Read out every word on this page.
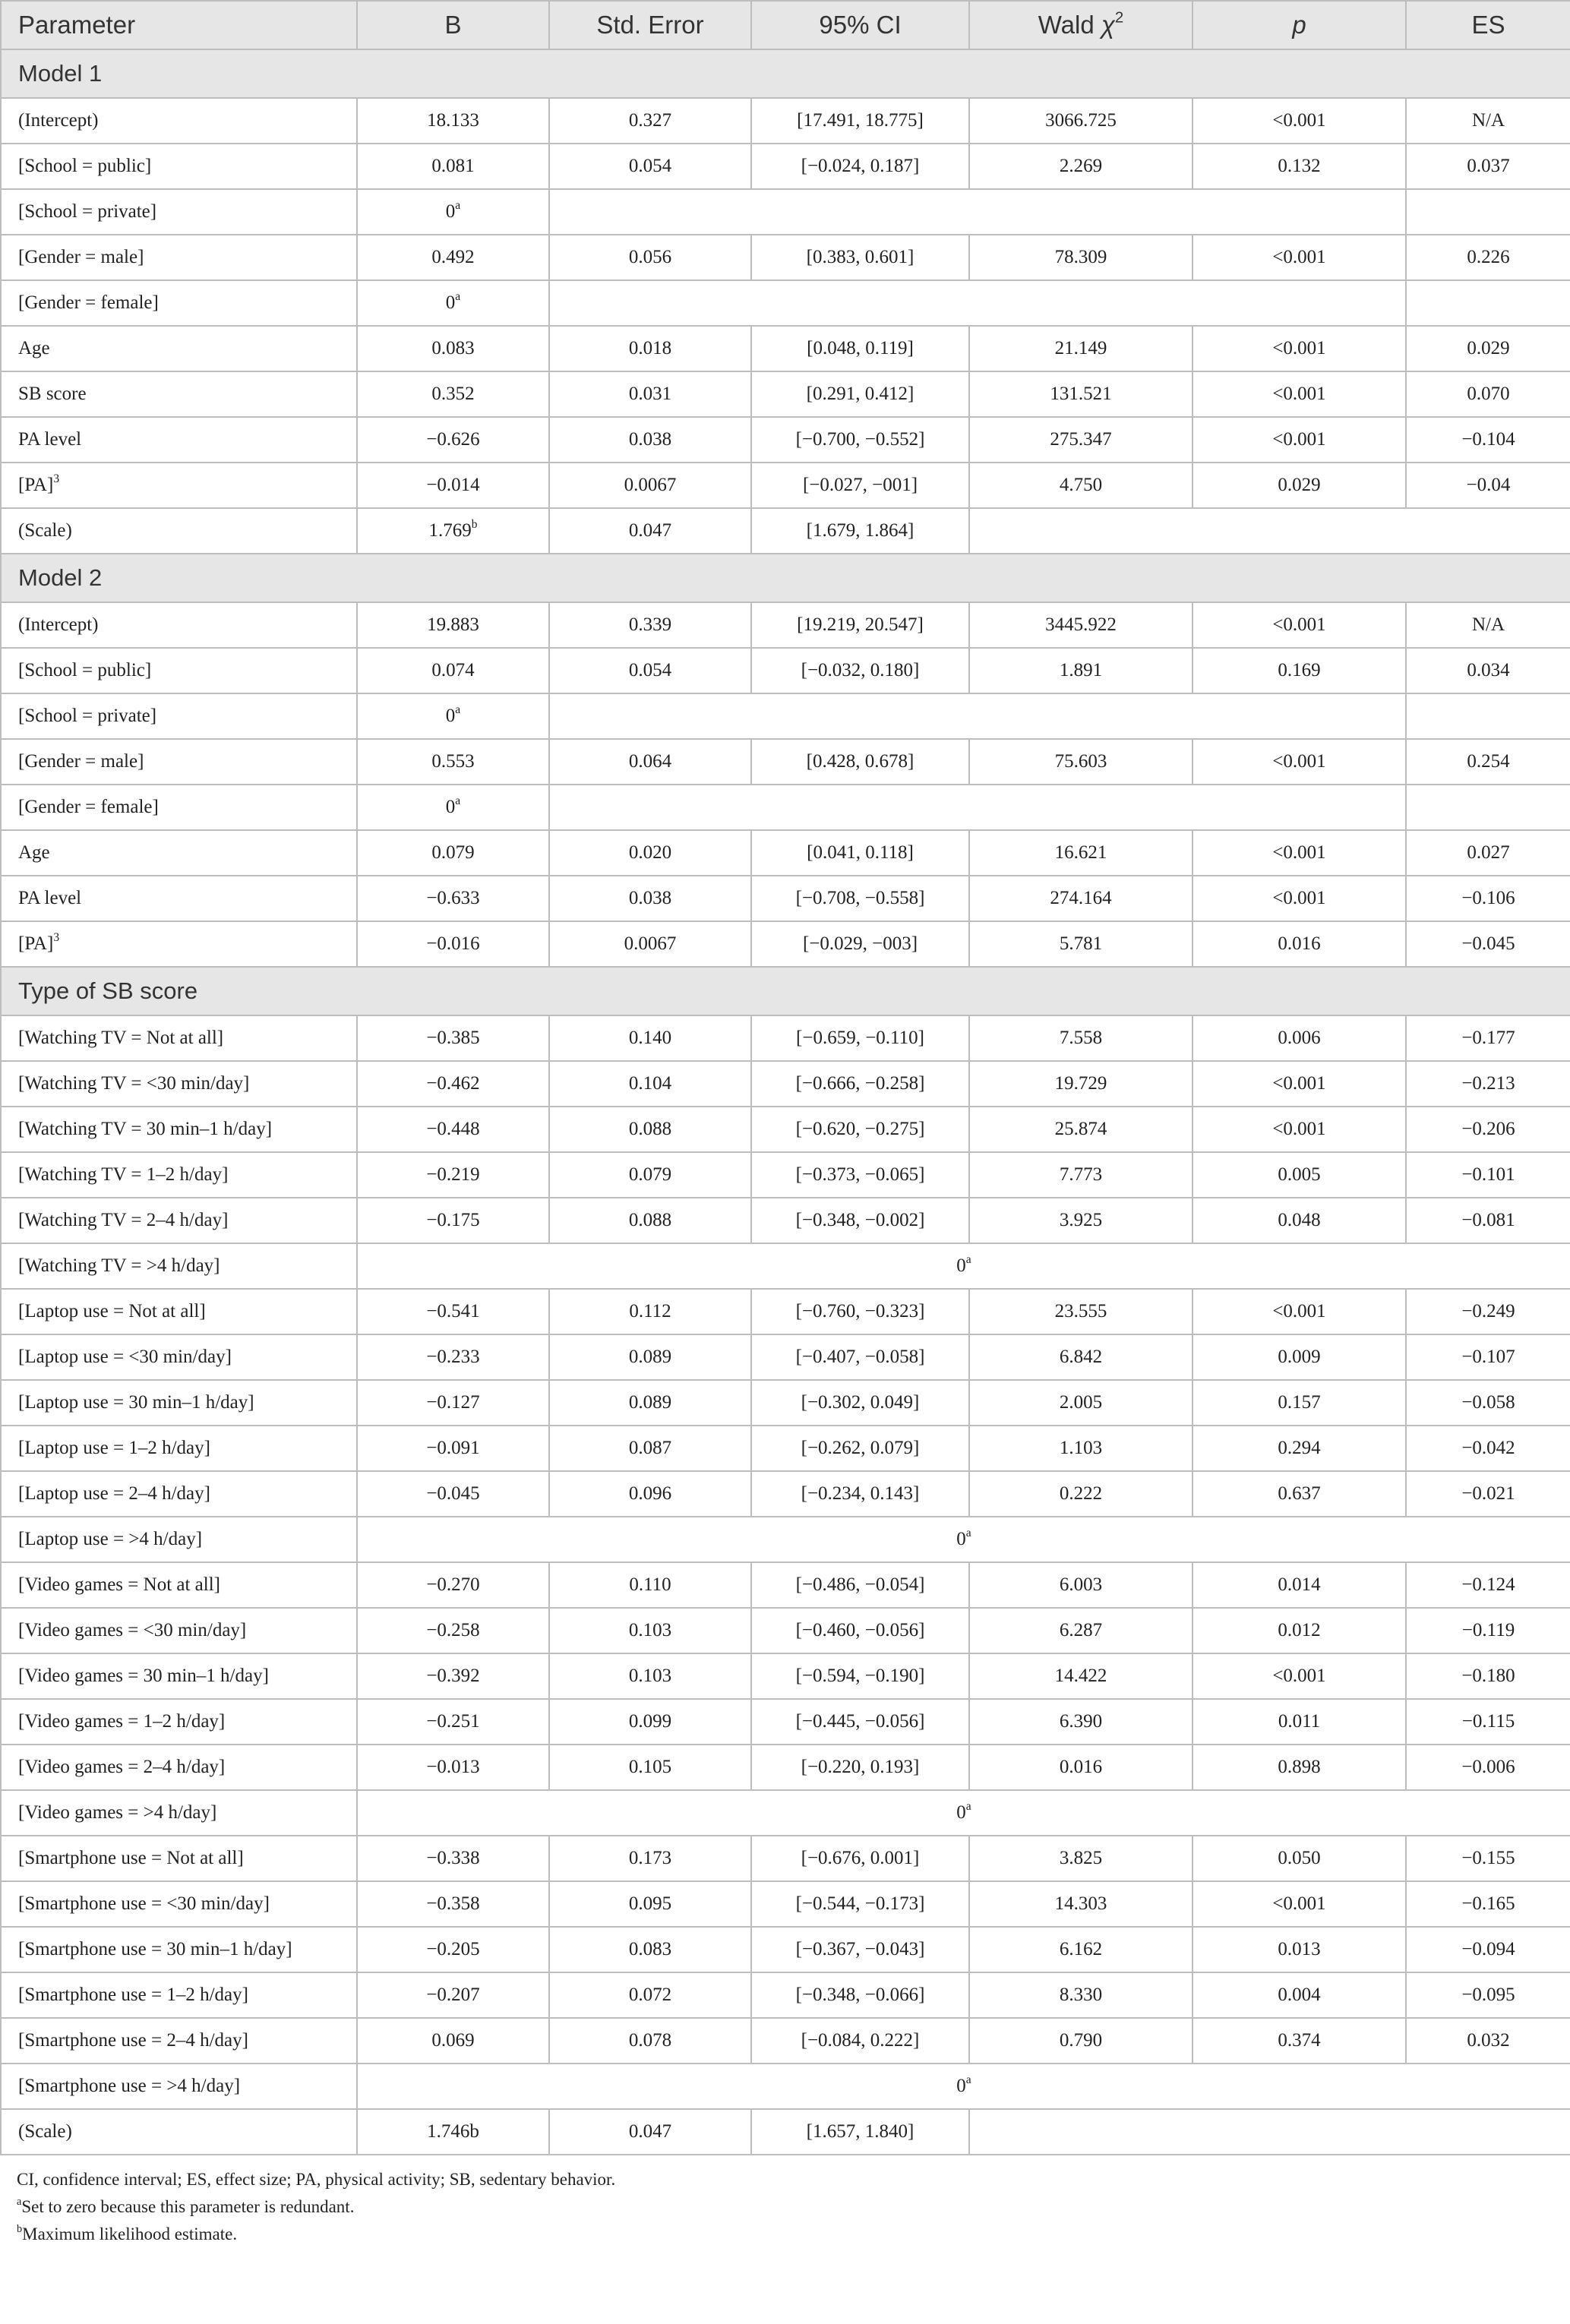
Parameter	B	Std. Error	95% CI	Wald $\chi^2$	p	ES
Model 1						
(Intercept)	18.133	0.327	[17.491, 18.775]	3066.725	<0.001	N/A
[School = public]	0.081	0.054	[−0.024, 0.187]	2.269	0.132	0.037
[School = private]	0$^a$		
[Gender = male]	0.492	0.056	[0.383, 0.601]	78.309	<0.001	0.226
[Gender = female]	0$^a$		
Age	0.083	0.018	[0.048, 0.119]	21.149	<0.001	0.029
SB score	0.352	0.031	[0.291, 0.412]	131.521	<0.001	0.070
PA level	−0.626	0.038	[−0.700, −0.552]	275.347	<0.001	−0.104
[PA]$^3$	−0.014	0.0067	[−0.027, −001]	4.750	0.029	−0.04
(Scale)	1.769$^b$	0.047	[1.679, 1.864]			
Model 2						
(Intercept)	19.883	0.339	[19.219, 20.547]	3445.922	<0.001	N/A
[School = public]	0.074	0.054	[−0.032, 0.180]	1.891	0.169	0.034
[School = private]	0$^a$		
[Gender = male]	0.553	0.064	[0.428, 0.678]	75.603	<0.001	0.254
[Gender = female]	0$^a$		
Age	0.079	0.020	[0.041, 0.118]	16.621	<0.001	0.027
PA level	−0.633	0.038	[−0.708, −0.558]	274.164	<0.001	−0.106
[PA]$^3$	−0.016	0.0067	[−0.029, −003]	5.781	0.016	−0.045
Type of SB score						
[Watching TV = Not at all]	−0.385	0.140	[−0.659, −0.110]	7.558	0.006	−0.177
[Watching TV = <30 min/day]	−0.462	0.104	[−0.666, −0.258]	19.729	<0.001	−0.213
[Watching TV = 30 min–1 h/day]	−0.448	0.088	[−0.620, −0.275]	25.874	<0.001	−0.206
[Watching TV = 1–2 h/day]	−0.219	0.079	[−0.373, −0.065]	7.773	0.005	−0.101
[Watching TV = 2–4 h/day]	−0.175	0.088	[−0.348, −0.002]	3.925	0.048	−0.081
[Watching TV = >4 h/day]	0$^a$
[Laptop use = Not at all]	−0.541	0.112	[−0.760, −0.323]	23.555	<0.001	−0.249
[Laptop use = <30 min/day]	−0.233	0.089	[−0.407, −0.058]	6.842	0.009	−0.107
[Laptop use = 30 min–1 h/day]	−0.127	0.089	[−0.302, 0.049]	2.005	0.157	−0.058
[Laptop use = 1–2 h/day]	−0.091	0.087	[−0.262, 0.079]	1.103	0.294	−0.042
[Laptop use = 2–4 h/day]	−0.045	0.096	[−0.234, 0.143]	0.222	0.637	−0.021
[Laptop use = >4 h/day]	0$^a$
[Video games = Not at all]	−0.270	0.110	[−0.486, −0.054]	6.003	0.014	−0.124
[Video games = <30 min/day]	−0.258	0.103	[−0.460, −0.056]	6.287	0.012	−0.119
[Video games = 30 min–1 h/day]	−0.392	0.103	[−0.594, −0.190]	14.422	<0.001	−0.180
[Video games = 1–2 h/day]	−0.251	0.099	[−0.445, −0.056]	6.390	0.011	−0.115
[Video games = 2–4 h/day]	−0.013	0.105	[−0.220, 0.193]	0.016	0.898	−0.006
[Video games = >4 h/day]	0$^a$
[Smartphone use = Not at all]	−0.338	0.173	[−0.676, 0.001]	3.825	0.050	−0.155
[Smartphone use = <30 min/day]	−0.358	0.095	[−0.544, −0.173]	14.303	<0.001	−0.165
[Smartphone use = 30 min–1 h/day]	−0.205	0.083	[−0.367, −0.043]	6.162	0.013	−0.094
[Smartphone use = 1–2 h/day]	−0.207	0.072	[−0.348, −0.066]	8.330	0.004	−0.095
[Smartphone use = 2–4 h/day]	0.069	0.078	[−0.084, 0.222]	0.790	0.374	0.032
[Smartphone use = >4 h/day]	0$^a$
(Scale)	1.746b	0.047	[1.657, 1.840]			
CI, confidence interval; ES, effect size; PA, physical activity; SB, sedentary behavior.
$^a$Set to zero because this parameter is redundant.
$^b$Maximum likelihood estimate.
